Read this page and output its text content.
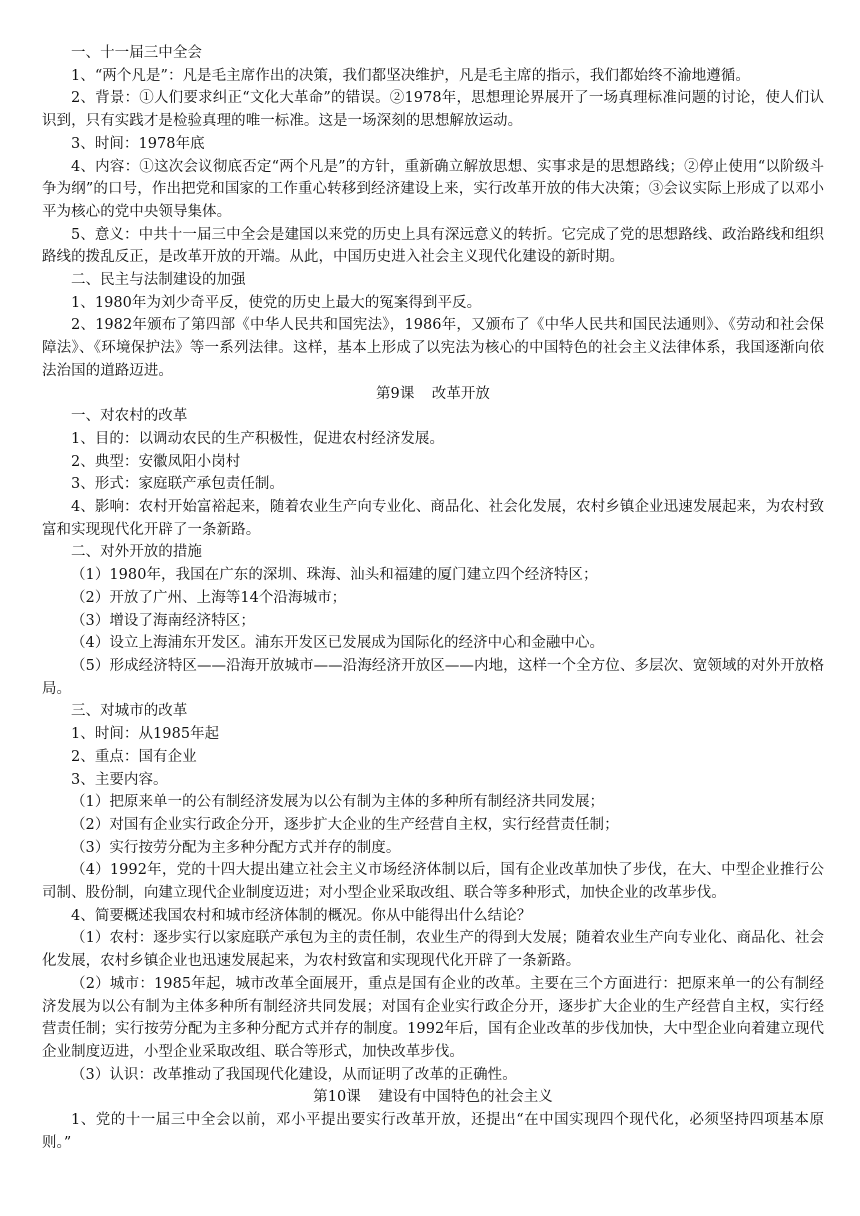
一、十一届三中全会

1、“两个凡是”：凡是毛主席作出的决策，我们都坚决维护，凡是毛主席的指示，我们都始终不渝地遵循。

2、背景：①人们要求纠正“文化大革命”的错误。②1978年，思想理论界展开了一场真理标准问题的讨论，使人们认识到，只有实践才是检验真理的唯一标准。这是一场深刻的思想解放运动。

3、时间：1978年底

4、内容：①这次会议彻底否定“两个凡是”的方针，重新确立解放思想、实事求是的思想路线；②停止使用“以阶级斗争为纲”的口号，作出把党和国家的工作重心转移到经济建设上来，实行改革开放的伟大决策；③会议实际上形成了以邓小平为核心的党中央领导集体。

5、意义：中共十一届三中全会是建国以来党的历史上具有深远意义的转折。它完成了党的思想路线、政治路线和组织路线的拨乱反正，是改革开放的开端。从此，中国历史进入社会主义现代化建设的新时期。

二、民主与法制建设的加强

1、1980年为刘少奇平反，使党的历史上最大的冤案得到平反。

2、1982年颁布了第四部《中华人民共和国宪法》，1986年，又颁布了《中华人民共和国民法通则》、《劳动和社会保障法》、《环境保护法》等一系列法律。这样，基本上形成了以宪法为核心的中国特色的社会主义法律体系，我国逐渐向依法治国的道路迈进。

第9课 改革开放

一、对农村的改革

1、目的：以调动农民的生产积极性，促进农村经济发展。

2、典型：安徽凤阳小岗村

3、形式：家庭联产承包责任制。

4、影响：农村开始富裕起来，随着农业生产向专业化、商品化、社会化发展，农村乡镇企业迅速发展起来，为农村致富和实现现代化开辟了一条新路。

二、对外开放的措施

（1）1980年，我国在广东的深圳、珠海、汕头和福建的厦门建立四个经济特区；

（2）开放了广州、上海等14个沿海城市；

（3）增设了海南经济特区；

（4）设立上海浦东开发区。浦东开发区已发展成为国际化的经济中心和金融中心。

（5）形成经济特区——沿海开放城市——沿海经济开放区——内地，这样一个全方位、多层次、宽领域的对外开放格局。

三、对城市的改革

1、时间：从1985年起

2、重点：国有企业

3、主要内容。

（1）把原来单一的公有制经济发展为以公有制为主体的多种所有制经济共同发展；

（2）对国有企业实行政企分开，逐步扩大企业的生产经营自主权，实行经营责任制；

（3）实行按劳分配为主多种分配方式并存的制度。

（4）1992年，党的十四大提出建立社会主义市场经济体制以后，国有企业改革加快了步伐，在大、中型企业推行公司制、股份制，向建立现代企业制度迈进；对小型企业采取改组、联合等多种形式，加快企业的改革步伐。

4、简要概述我国农村和城市经济体制的概况。你从中能得出什么结论？

（1）农村：逐步实行以家庭联产承包为主的责任制，农业生产的得到大发展；随着农业生产向专业化、商品化、社会化发展，农村乡镇企业也迅速发展起来，为农村致富和实现现代化开辟了一条新路。

（2）城市：1985年起，城市改革全面展开，重点是国有企业的改革。主要在三个方面进行：把原来单一的公有制经济发展为以公有制为主体多种所有制经济共同发展；对国有企业实行政企分开，逐步扩大企业的生产经营自主权，实行经营责任制；实行按劳分配为主多种分配方式并存的制度。1992年后，国有企业改革的步伐加快，大中型企业向着建立现代企业制度迈进，小型企业采取改组、联合等形式，加快改革步伐。

（3）认识：改革推动了我国现代化建设，从而证明了改革的正确性。

第10课 建设有中国特色的社会主义

1、党的十一届三中全会以前，邓小平提出要实行改革开放，还提出“在中国实现四个现代化，必须坚持四项基本原则。”
